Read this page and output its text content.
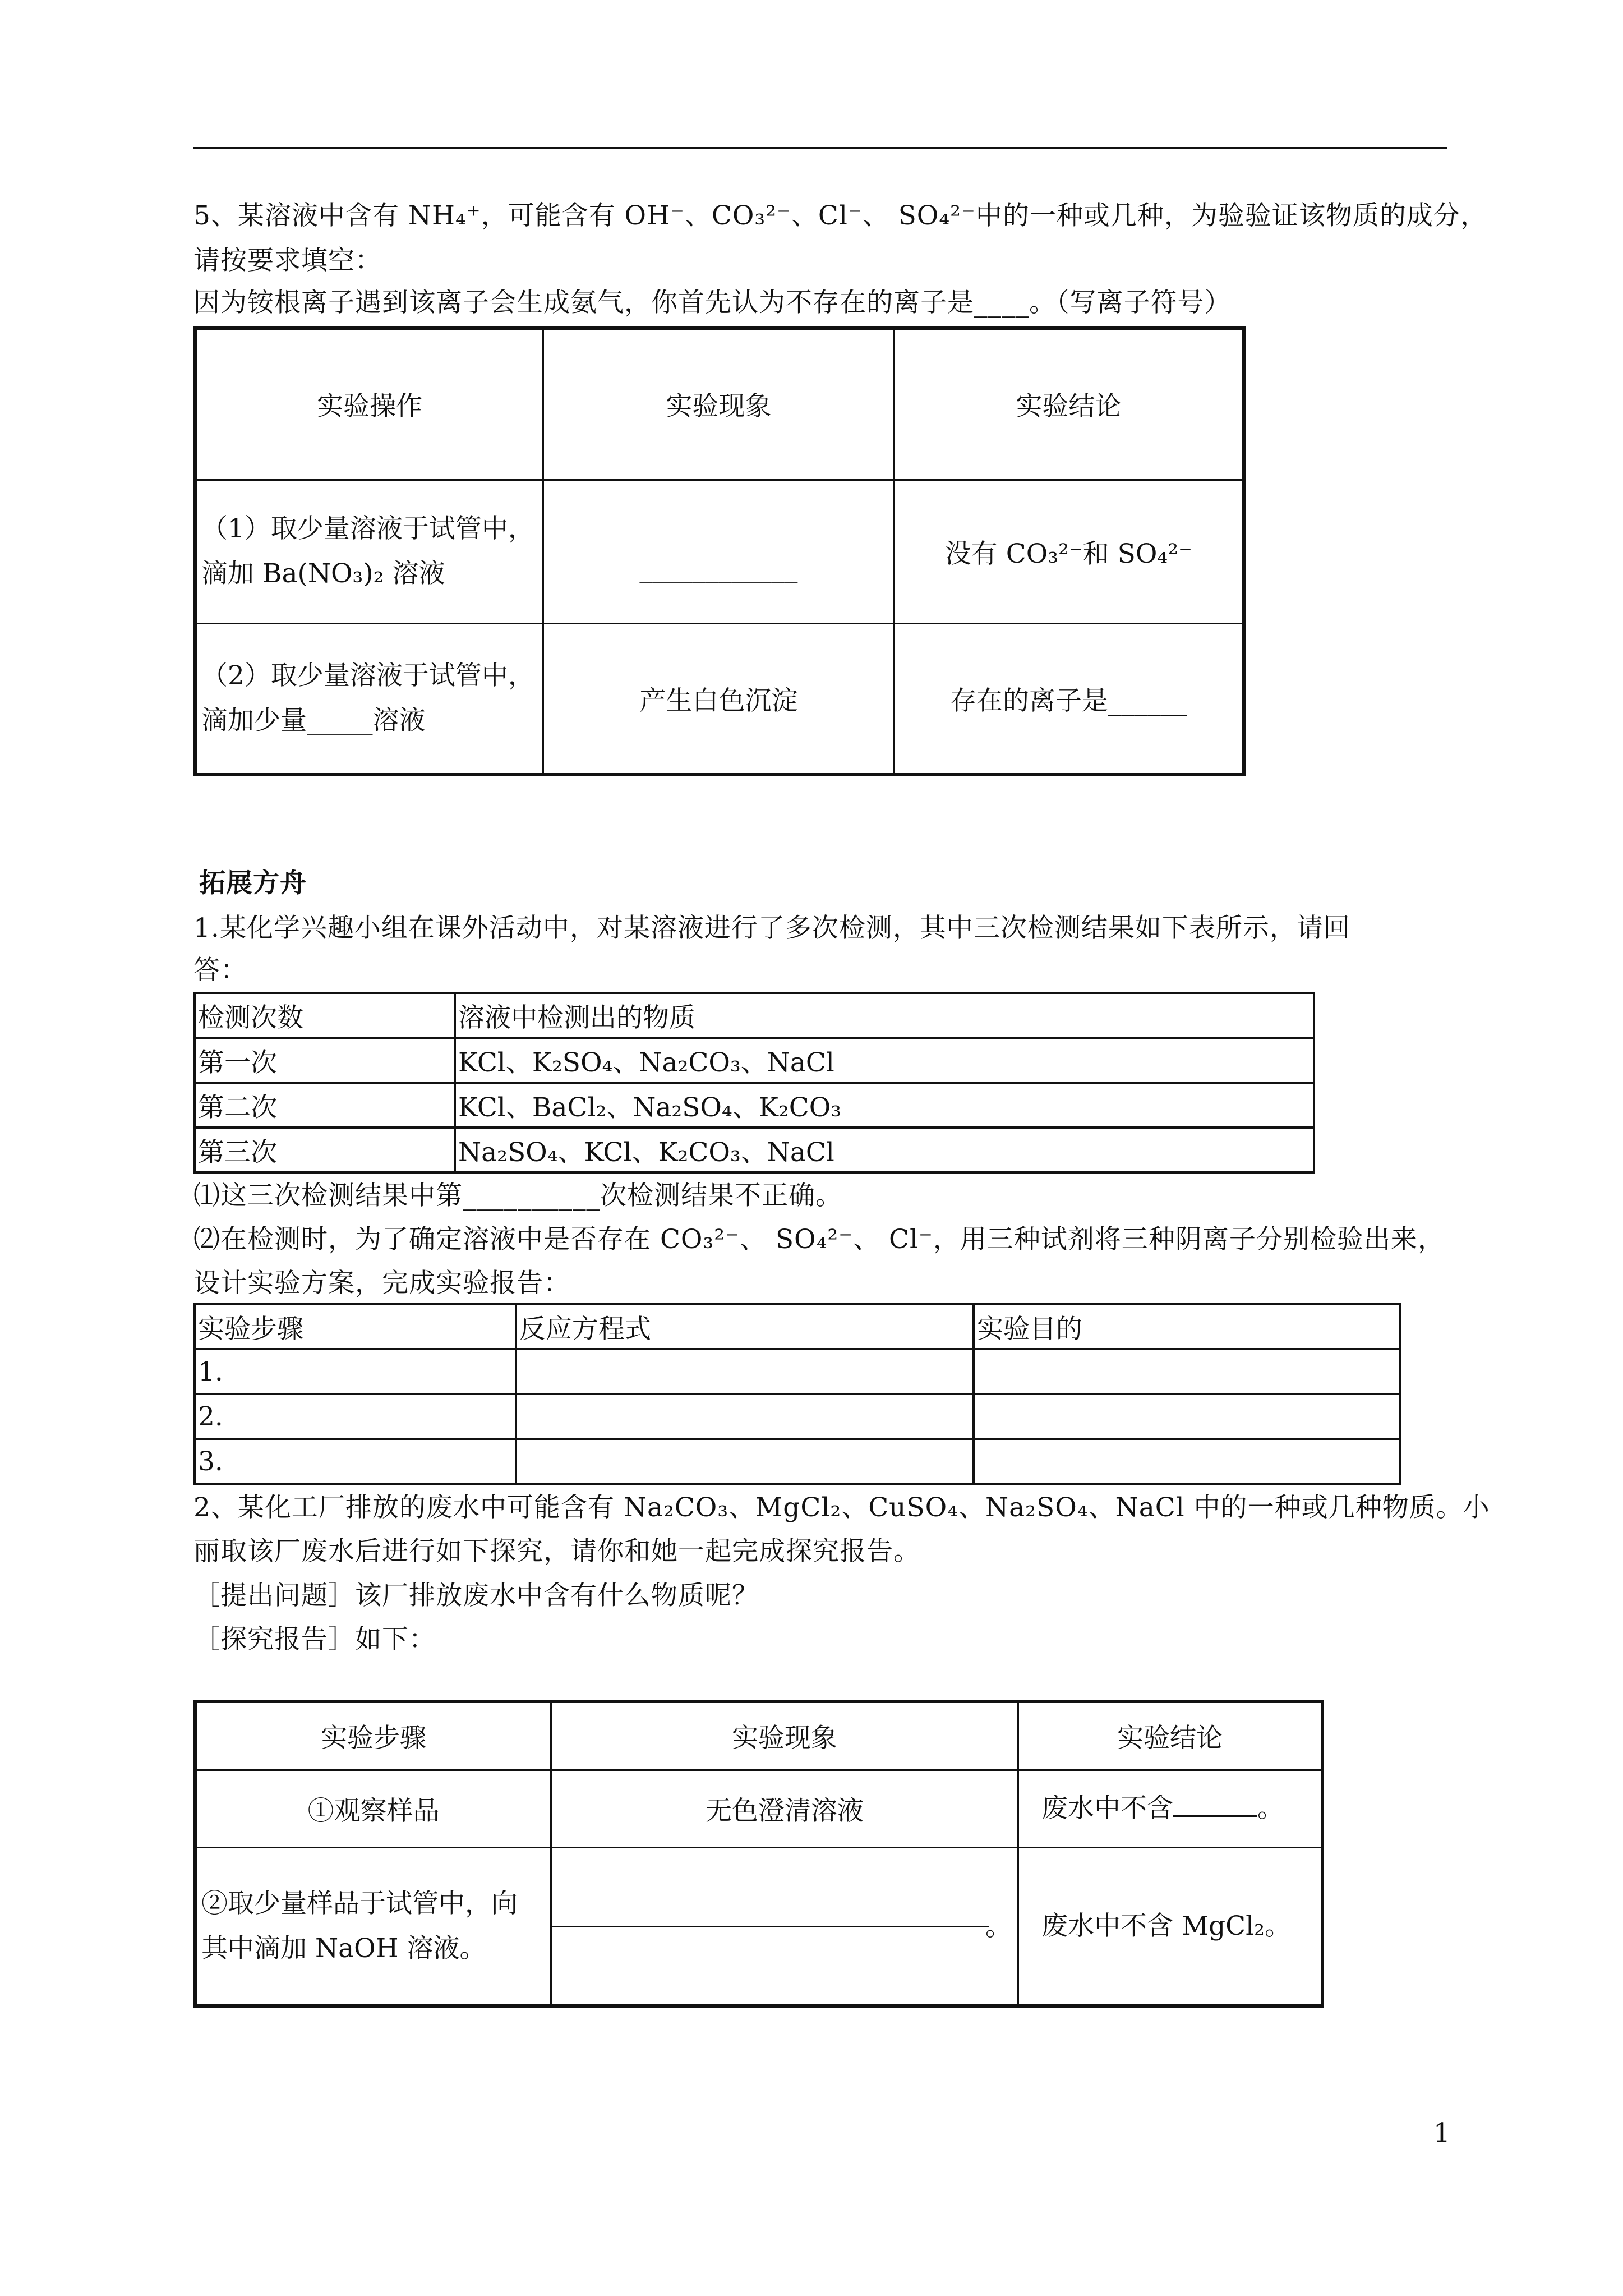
5、某溶液中含有 NH₄⁺，可能含有 OH⁻、CO₃²⁻、Cl⁻、 SO₄²⁻中的一种或几种，为验验证该物质的成分，
请按要求填空：
因为铵根离子遇到该离子会生成氨气，你首先认为不存在的离子是____。（写离子符号）
实验操作	实验现象	实验结论

（1）取少量溶液于试管中，
滴加 Ba(NO₃)₂ 溶液	____________	没有 CO₃²⁻和 SO₄²⁻

（2）取少量溶液于试管中，
滴加少量_____溶液	产生白色沉淀	存在的离子是______
拓展方舟
1.某化学兴趣小组在课外活动中，对某溶液进行了多次检测，其中三次检测结果如下表所示，请回
答：
检测次数	溶液中检测出的物质
第一次	KCl、K₂SO₄、Na₂CO₃、NaCl
第二次	KCl、BaCl₂、Na₂SO₄、K₂CO₃
第三次	Na₂SO₄、KCl、K₂CO₃、NaCl
⑴这三次检测结果中第__________次检测结果不正确。
⑵在检测时，为了确定溶液中是否存在 CO₃²⁻、 SO₄²⁻、 Cl⁻，用三种试剂将三种阴离子分别检验出来，
设计实验方案，完成实验报告：
实验步骤	反应方程式	实验目的
1.		
2.		
3.		
2、某化工厂排放的废水中可能含有 Na₂CO₃、MgCl₂、CuSO₄、Na₂SO₄、NaCl 中的一种或几种物质。小
丽取该厂废水后进行如下探究，请你和她一起完成探究报告。
［提出问题］该厂排放废水中含有什么物质呢？
［探究报告］如下：
实验步骤	实验现象	实验结论
①观察样品	无色澄清溶液	废水中不含 。

②取少量样品于试管中，向
其中滴加 NaOH 溶液。	。	废水中不含 MgCl₂。
1
